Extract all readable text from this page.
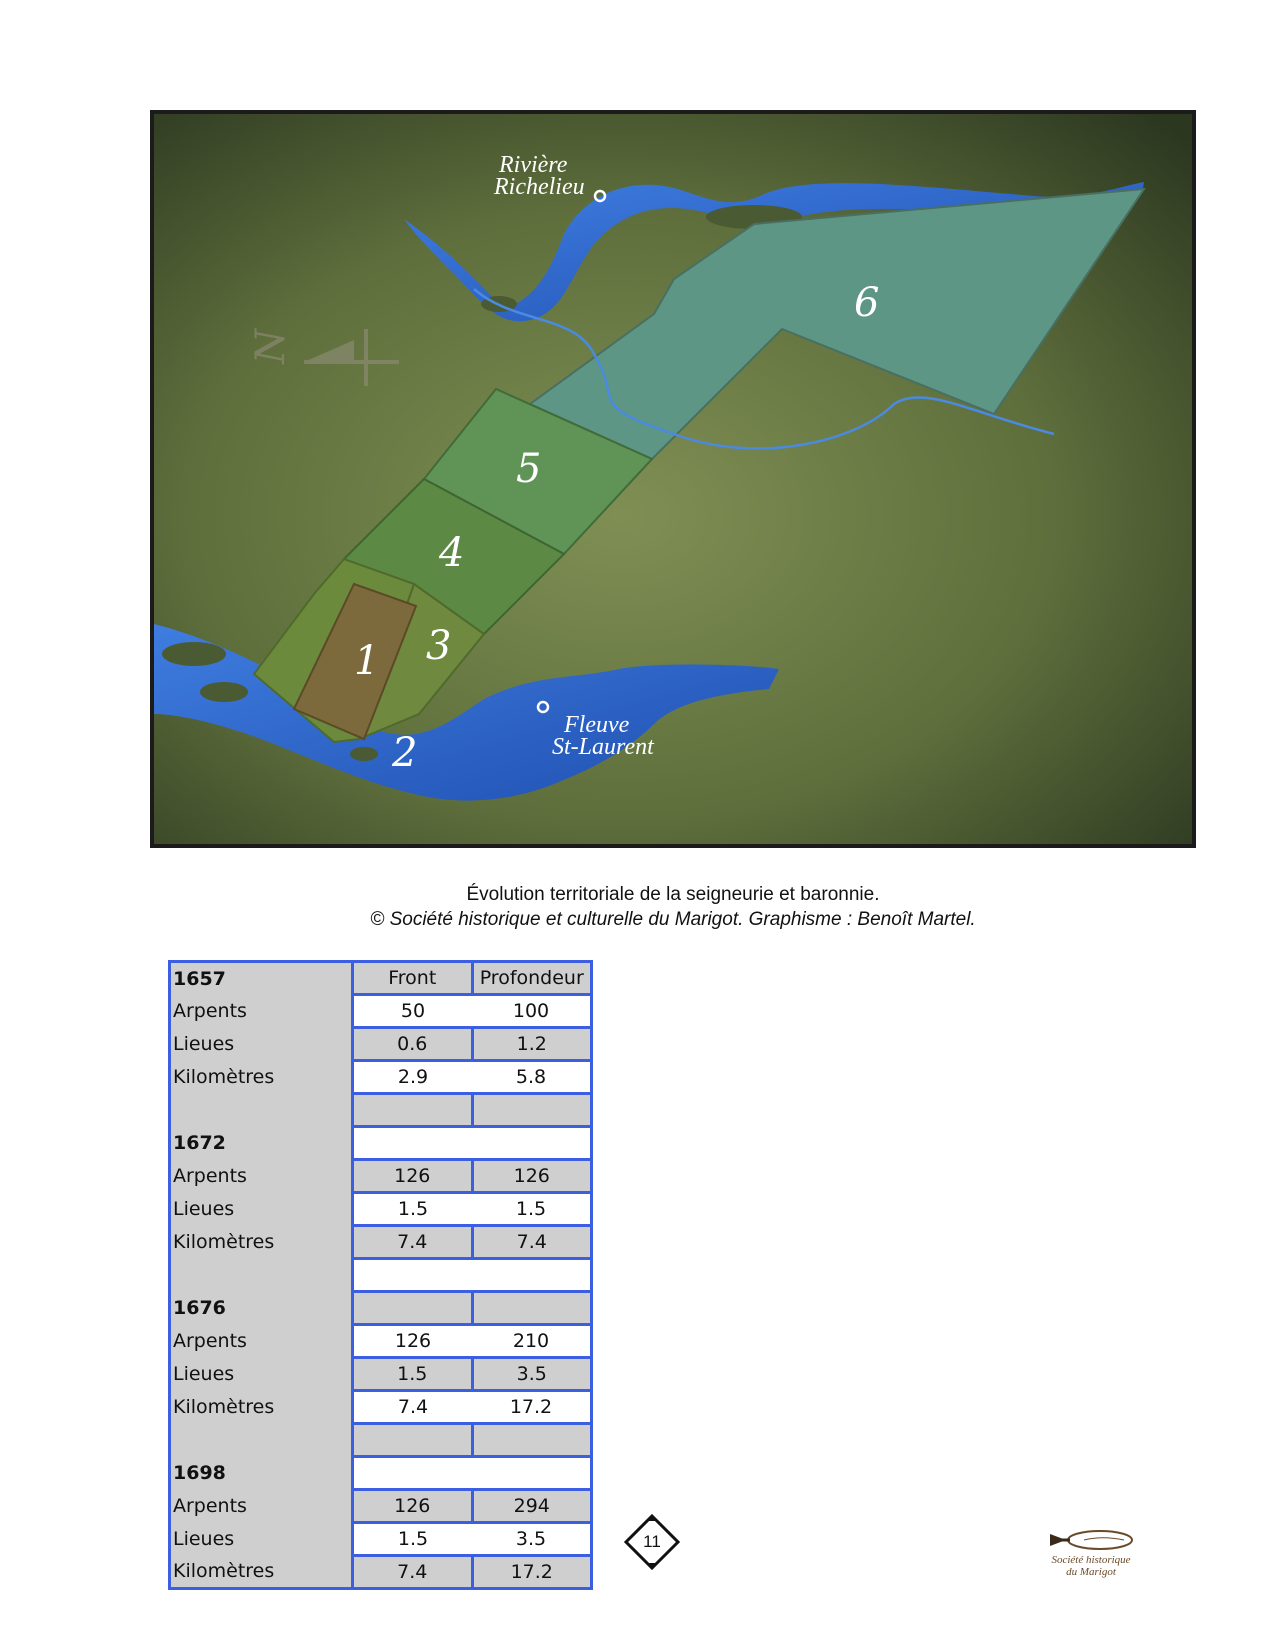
N
Rivière
Richelieu
Fleuve
St-Laurent
1
2
3
4
5
6
Évolution territoriale de la seigneurie et baronnie.
© Société historique et culturelle du Marigot. Graphisme : Benoît Martel.
1657	Front	Profondeur
Arpents	50	100
Lieues	0.6	1.2
Kilomètres	2.9	5.8

1672		
Arpents	126	126
Lieues	1.5	1.5
Kilomètres	7.4	7.4

1676		
Arpents	126	210
Lieues	1.5	3.5
Kilomètres	7.4	17.2

1698		
Arpents	126	294
Lieues	1.5	3.5
Kilomètres	7.4	17.2
11
Société historique
du Marigot
